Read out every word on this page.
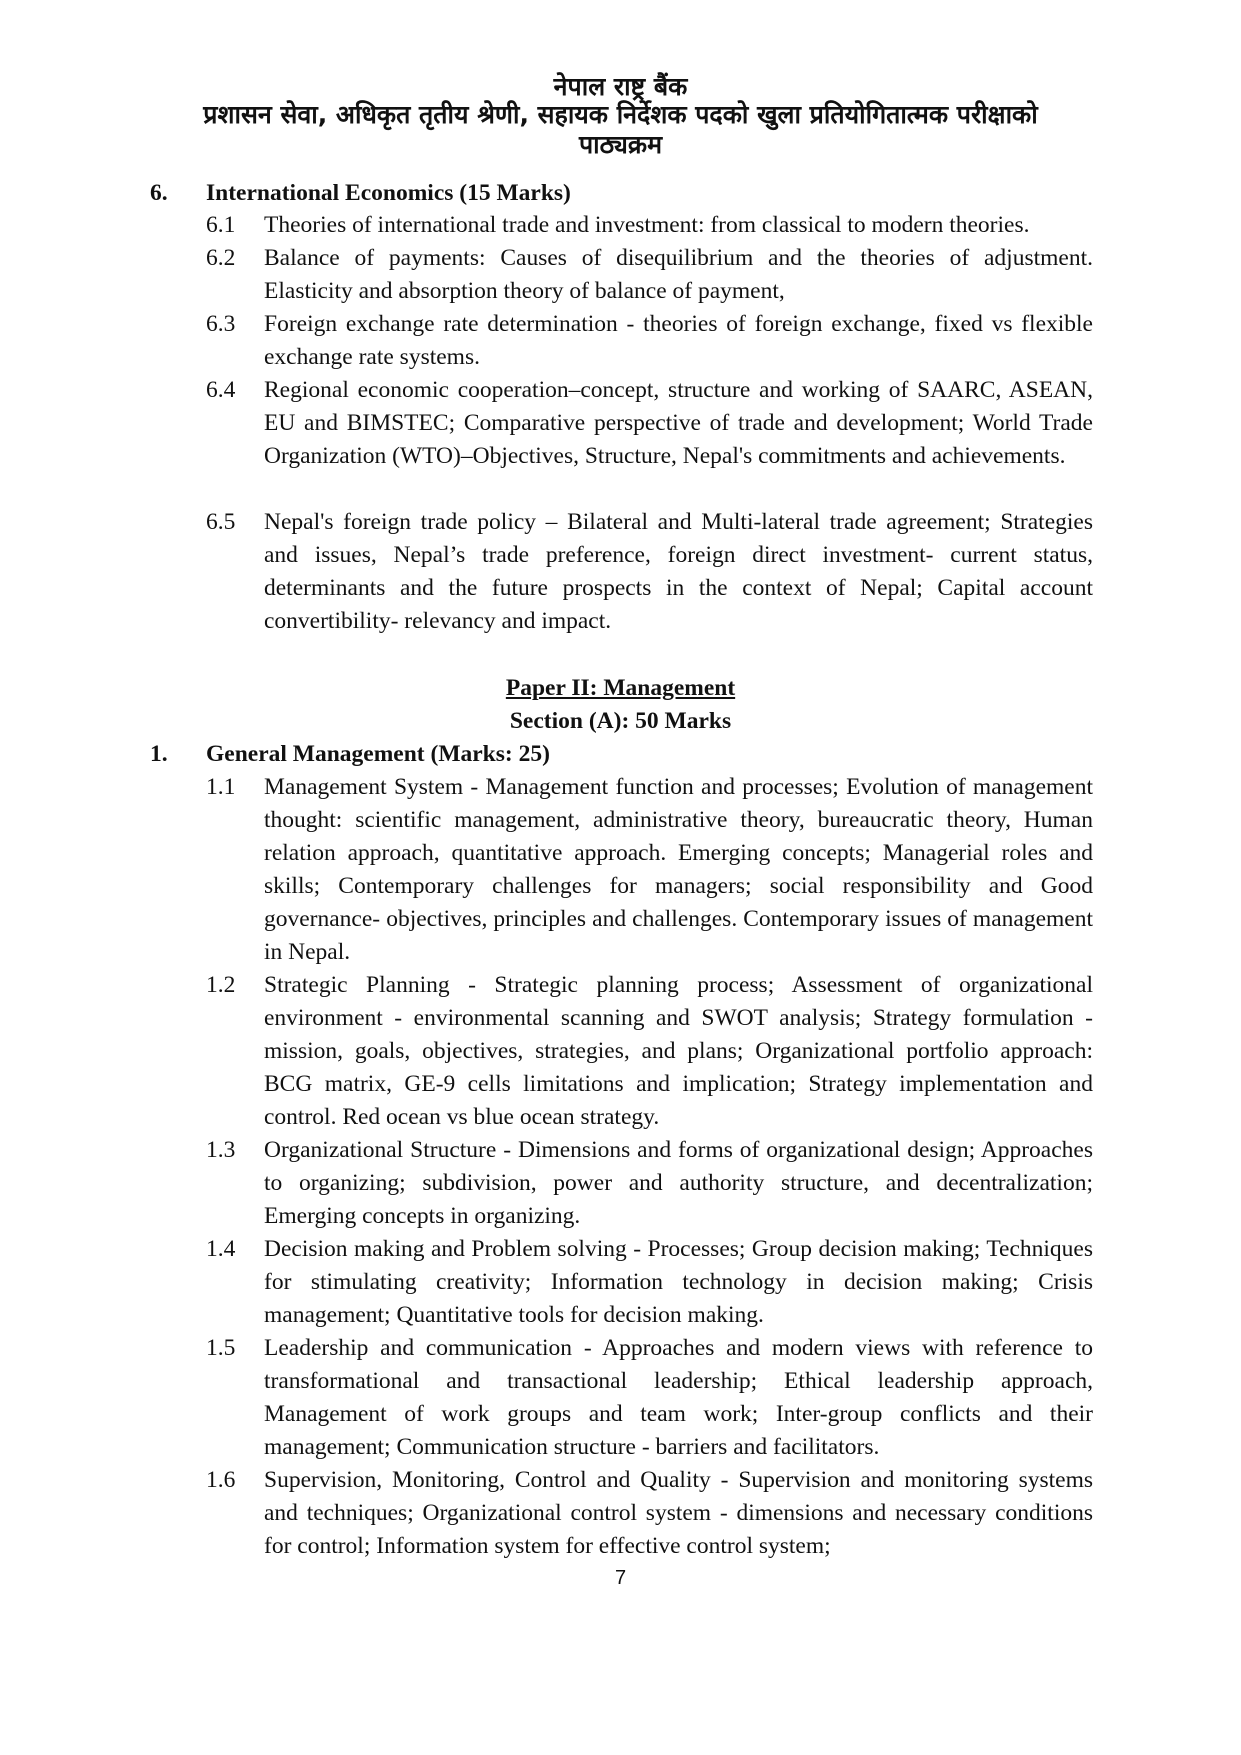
नेपाल राष्ट्र बैंक
प्रशासन सेवा, अधिकृत तृतीय श्रेणी, सहायक निर्देशक पदको खुला प्रतियोगितात्मक परीक्षाको
पाठ्यक्रम
6. International Economics (15 Marks)
6.1 Theories of international trade and investment: from classical to modern theories.
6.2 Balance of payments: Causes of disequilibrium and the theories of adjustment. Elasticity and absorption theory of balance of payment,
6.3 Foreign exchange rate determination - theories of foreign exchange, fixed vs flexible exchange rate systems.
6.4 Regional economic cooperation–concept, structure and working of SAARC, ASEAN, EU and BIMSTEC; Comparative perspective of trade and development; World Trade Organization (WTO)–Objectives, Structure, Nepal's commitments and achievements.
6.5 Nepal's foreign trade policy – Bilateral and Multi-lateral trade agreement; Strategies and issues, Nepal’s trade preference, foreign direct investment- current status, determinants and the future prospects in the context of Nepal; Capital account convertibility- relevancy and impact.
Paper II: Management
Section (A): 50 Marks
1. General Management (Marks: 25)
1.1 Management System - Management function and processes; Evolution of management thought: scientific management, administrative theory, bureaucratic theory, Human relation approach, quantitative approach. Emerging concepts; Managerial roles and skills; Contemporary challenges for managers; social responsibility and Good governance- objectives, principles and challenges. Contemporary issues of management in Nepal.
1.2 Strategic Planning - Strategic planning process; Assessment of organizational environment - environmental scanning and SWOT analysis; Strategy formulation - mission, goals, objectives, strategies, and plans; Organizational portfolio approach: BCG matrix, GE-9 cells limitations and implication; Strategy implementation and control. Red ocean vs blue ocean strategy.
1.3 Organizational Structure - Dimensions and forms of organizational design; Approaches to organizing; subdivision, power and authority structure, and decentralization; Emerging concepts in organizing.
1.4 Decision making and Problem solving - Processes; Group decision making; Techniques for stimulating creativity; Information technology in decision making; Crisis management; Quantitative tools for decision making.
1.5 Leadership and communication - Approaches and modern views with reference to transformational and transactional leadership; Ethical leadership approach, Management of work groups and team work; Inter-group conflicts and their management; Communication structure - barriers and facilitators.
1.6 Supervision, Monitoring, Control and Quality - Supervision and monitoring systems and techniques; Organizational control system - dimensions and necessary conditions for control; Information system for effective control system;
7
